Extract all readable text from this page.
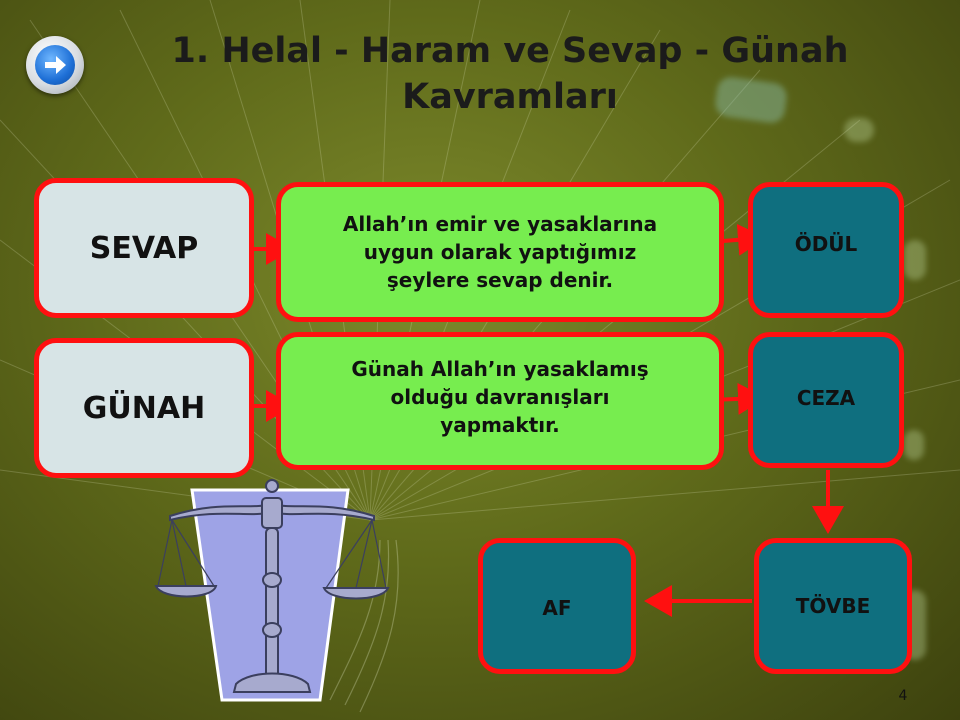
1. Helal - Haram ve Sevap - Günah
Kavramları
SEVAP
GÜNAH
Allah’ın emir ve yasaklarına
uygun olarak yaptığımız
şeylere sevap denir.
Günah Allah’ın yasaklamış
olduğu davranışları
yapmaktır.
ÖDÜL
CEZA
TÖVBE
AF
4
